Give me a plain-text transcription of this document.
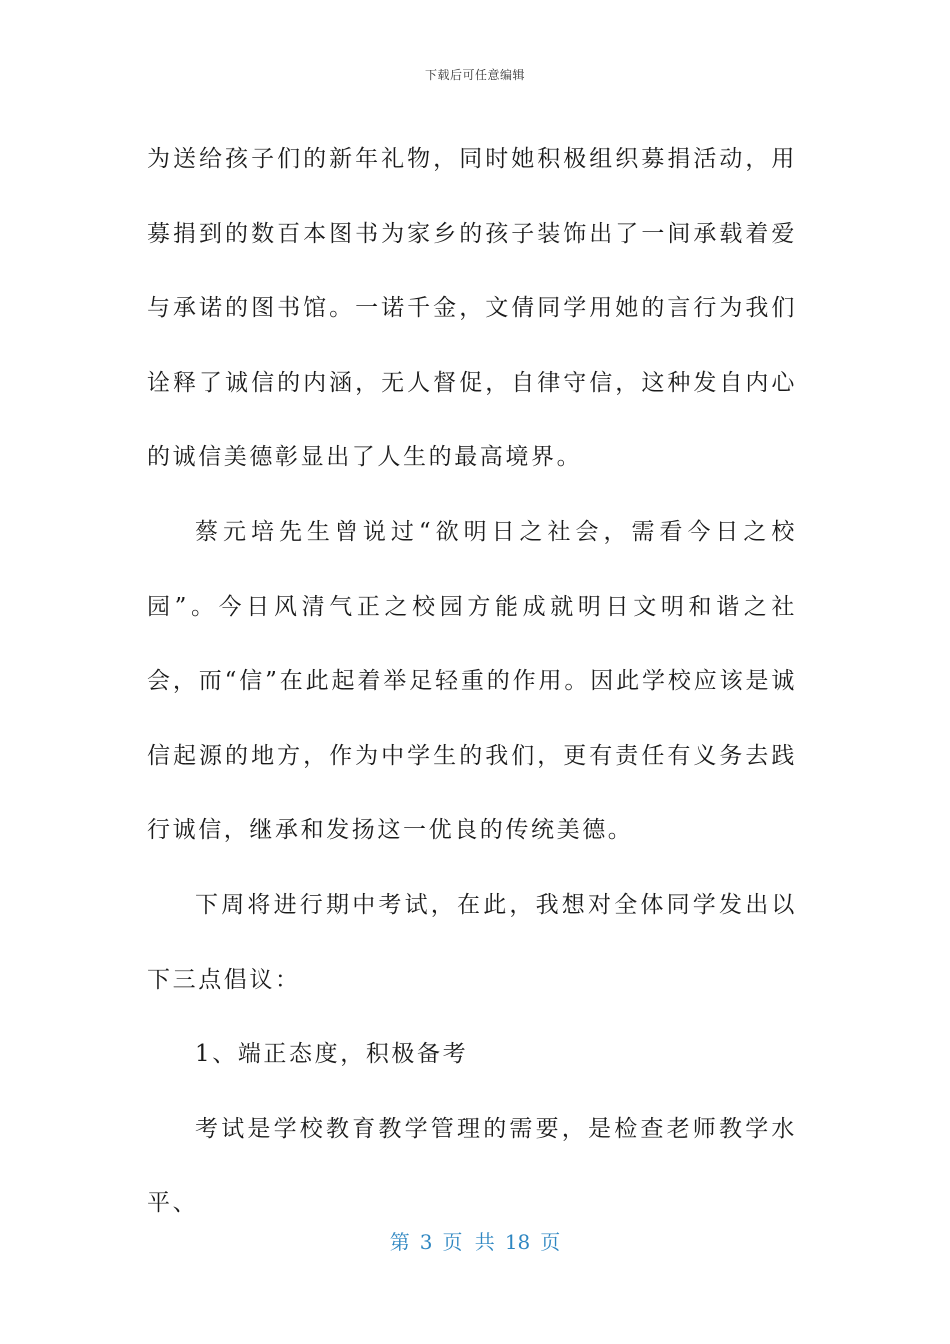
下载后可任意编辑

为送给孩子们的新年礼物，同时她积极组织募捐活动，用募捐到的数百本图书为家乡的孩子装饰出了一间承载着爱与承诺的图书馆。一诺千金，文倩同学用她的言行为我们诠释了诚信的内涵，无人督促，自律守信，这种发自内心的诚信美德彰显出了人生的最高境界。

蔡元培先生曾说过“欲明日之社会，需看今日之校园”。今日风清气正之校园方能成就明日文明和谐之社会，而“信”在此起着举足轻重的作用。因此学校应该是诚信起源的地方，作为中学生的我们，更有责任有义务去践行诚信，继承和发扬这一优良的传统美德。

下周将进行期中考试，在此，我想对全体同学发出以下三点倡议：

1、端正态度，积极备考

考试是学校教育教学管理的需要，是检查老师教学水平、

第 3 页 共 18 页
